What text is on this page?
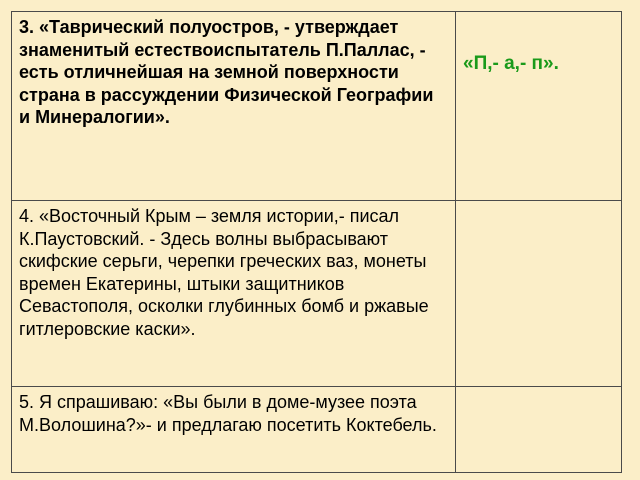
3. «Таврический полуостров, - утверждает знаменитый естествоиспытатель П.Паллас, - есть отличнейшая на земной поверхности страна в рассуждении Физической Географии и Минералогии».	«П,- а,- п».

4. «Восточный Крым – земля истории,- писал К.Паустовский. - Здесь волны выбрасывают скифские серьги, черепки греческих ваз, монеты времен Екатерины, штыки защитников Севастополя, осколки глубинных бомб и ржавые гитлеровские каски».	

5. Я спрашиваю: «Вы были в доме-музее поэта М.Волошина?»- и предлагаю посетить Коктебель.	
